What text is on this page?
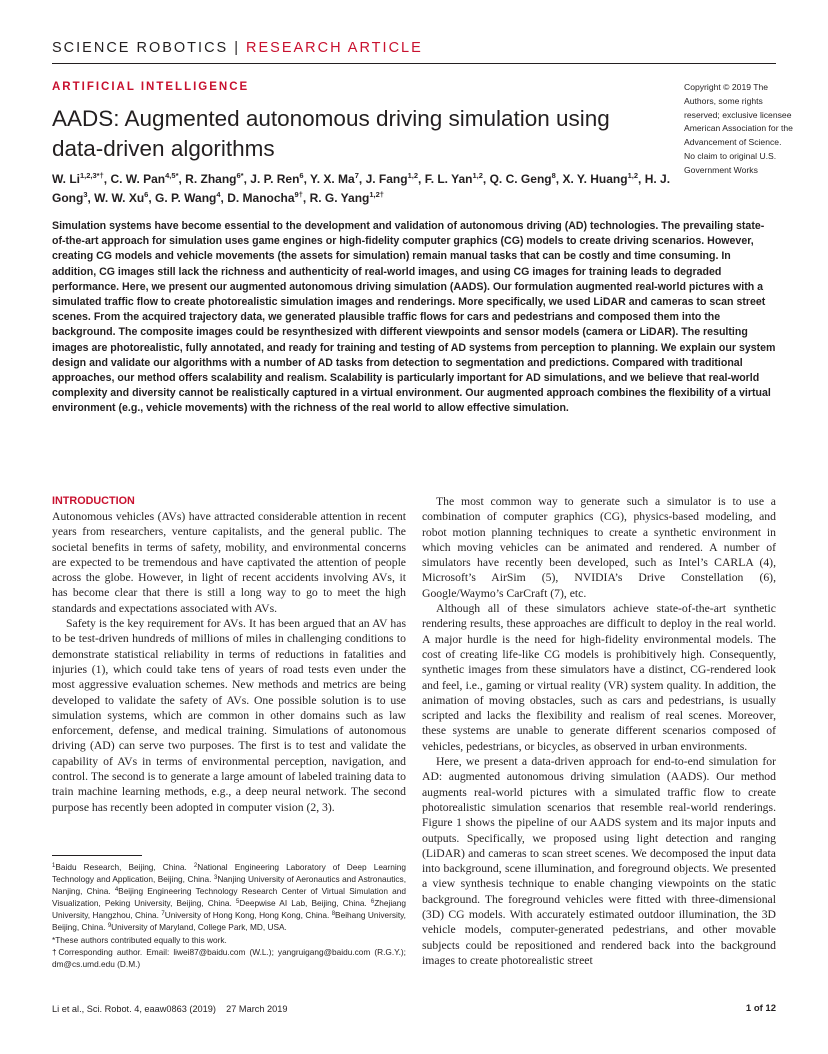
SCIENCE ROBOTICS | RESEARCH ARTICLE
ARTIFICIAL INTELLIGENCE
AADS: Augmented autonomous driving simulation using data-driven algorithms
W. $Li^{1,2,3*\dagger}$, C. W. Pan$^{4,5*}$, R. Zhang$^{6*}$, J. P. Ren$^6$, Y. X. Ma$^7$, J. Fang$^{1,2}$, F. L. Yan$^{1,2}$, Q. C. Geng$^8$, X. Y. Huang$^{1,2}$, H. J. Gong$^3$, W. W. Xu$^6$, G. P. Wang$^4$, D. Manocha$^{9\dagger}$, R. G. Yang$^{1,2\dagger}$
Copyright © 2019 The Authors, some rights reserved; exclusive licensee American Association for the Advancement of Science. No claim to original U.S. Government Works
Simulation systems have become essential to the development and validation of autonomous driving (AD) technologies. The prevailing state-of-the-art approach for simulation uses game engines or high-fidelity computer graphics (CG) models to create driving scenarios. However, creating CG models and vehicle movements (the assets for simulation) remain manual tasks that can be costly and time consuming. In addition, CG images still lack the richness and authenticity of real-world images, and using CG images for training leads to degraded performance. Here, we present our augmented autonomous driving simulation (AADS). Our formulation augmented real-world pictures with a simulated traffic flow to create photorealistic simulation images and renderings. More specifically, we used LiDAR and cameras to scan street scenes. From the acquired trajectory data, we generated plausible traffic flows for cars and pedestrians and composed them into the background. The composite images could be resynthesized with different viewpoints and sensor models (camera or LiDAR). The resulting images are photorealistic, fully annotated, and ready for training and testing of AD systems from perception to planning. We explain our system design and validate our algorithms with a number of AD tasks from detection to segmentation and predictions. Compared with traditional approaches, our method offers scalability and realism. Scalability is particularly important for AD simulations, and we believe that real-world complexity and diversity cannot be realistically captured in a virtual environment. Our augmented approach combines the flexibility of a virtual environment (e.g., vehicle movements) with the richness of the real world to allow effective simulation.
INTRODUCTION

Autonomous vehicles (AVs) have attracted considerable attention in recent years from researchers, venture capitalists, and the general public. The societal benefits in terms of safety, mobility, and environmental concerns are expected to be tremendous and have captivated the attention of people across the globe. However, in light of recent accidents involving AVs, it has become clear that there is still a long way to go to meet the high standards and expectations associated with AVs.

Safety is the key requirement for AVs. It has been argued that an AV has to be test-driven hundreds of millions of miles in challenging conditions to demonstrate statistical reliability in terms of reductions in fatalities and injuries (1), which could take tens of years of road tests even under the most aggressive evaluation schemes. New methods and metrics are being developed to validate the safety of AVs. One possible solution is to use simulation systems, which are common in other domains such as law enforcement, defense, and medical training. Simulations of autonomous driving (AD) can serve two purposes. The first is to test and validate the capability of AVs in terms of environmental perception, navigation, and control. The second is to generate a large amount of labeled training data to train machine learning methods, e.g., a deep neural network. The second purpose has recently been adopted in computer vision (2, 3).

The most common way to generate such a simulator is to use a combination of computer graphics (CG), physics-based modeling, and robot motion planning techniques to create a synthetic environment in which moving vehicles can be animated and rendered. A number of simulators have recently been developed, such as Intel’s CARLA (4), Microsoft’s AirSim (5), NVIDIA’s Drive Constellation (6), Google/Waymo’s CarCraft (7), etc.

Although all of these simulators achieve state-of-the-art synthetic rendering results, these approaches are difficult to deploy in the real world. A major hurdle is the need for high-fidelity environmental models. The cost of creating life-like CG models is prohibitively high. Consequently, synthetic images from these simulators have a distinct, CG-rendered look and feel, i.e., gaming or virtual reality (VR) system quality. In addition, the animation of moving obstacles, such as cars and pedestrians, is usually scripted and lacks the flexibility and realism of real scenes. Moreover, these systems are unable to generate different scenarios composed of vehicles, pedestrians, or bicycles, as observed in urban environments.

Here, we present a data-driven approach for end-to-end simulation for AD: augmented autonomous driving simulation (AADS). Our method augments real-world pictures with a simulated traffic flow to create photorealistic simulation scenarios that resemble real-world renderings. Figure 1 shows the pipeline of our AADS system and its major inputs and outputs. Specifically, we proposed using light detection and ranging (LiDAR) and cameras to scan street scenes. We decomposed the input data into background, scene illumination, and foreground objects. We presented a view synthesis technique to enable changing viewpoints on the static background. The foreground vehicles were fitted with three-dimensional (3D) CG models. With accurately estimated outdoor illumination, the 3D vehicle models, computer-generated pedestrians, and other movable subjects could be repositioned and rendered back into the background images to create photorealistic street

$^1$Baidu Research, Beijing, China. $^2$National Engineering Laboratory of Deep Learning Technology and Application, Beijing, China. $^3$Nanjing University of Aeronautics and Astronautics, Nanjing, China. $^4$Beijing Engineering Technology Research Center of Virtual Simulation and Visualization, Peking University, Beijing, China. $^5$Deepwise AI Lab, Beijing, China. $^6$Zhejiang University, Hangzhou, China. $^7$University of Hong Kong, Hong Kong, China. $^8$Beihang University, Beijing, China. $^9$University of Maryland, College Park, MD, USA.
*These authors contributed equally to this work.
†Corresponding author. Email: liwei87@baidu.com (W.L.); yangruigang@baidu.com (R.G.Y.); dm@cs.umd.edu (D.M.)
Li et al., Sci. Robot. 4, eaaw0863 (2019)    27 March 2019	1 of 12
